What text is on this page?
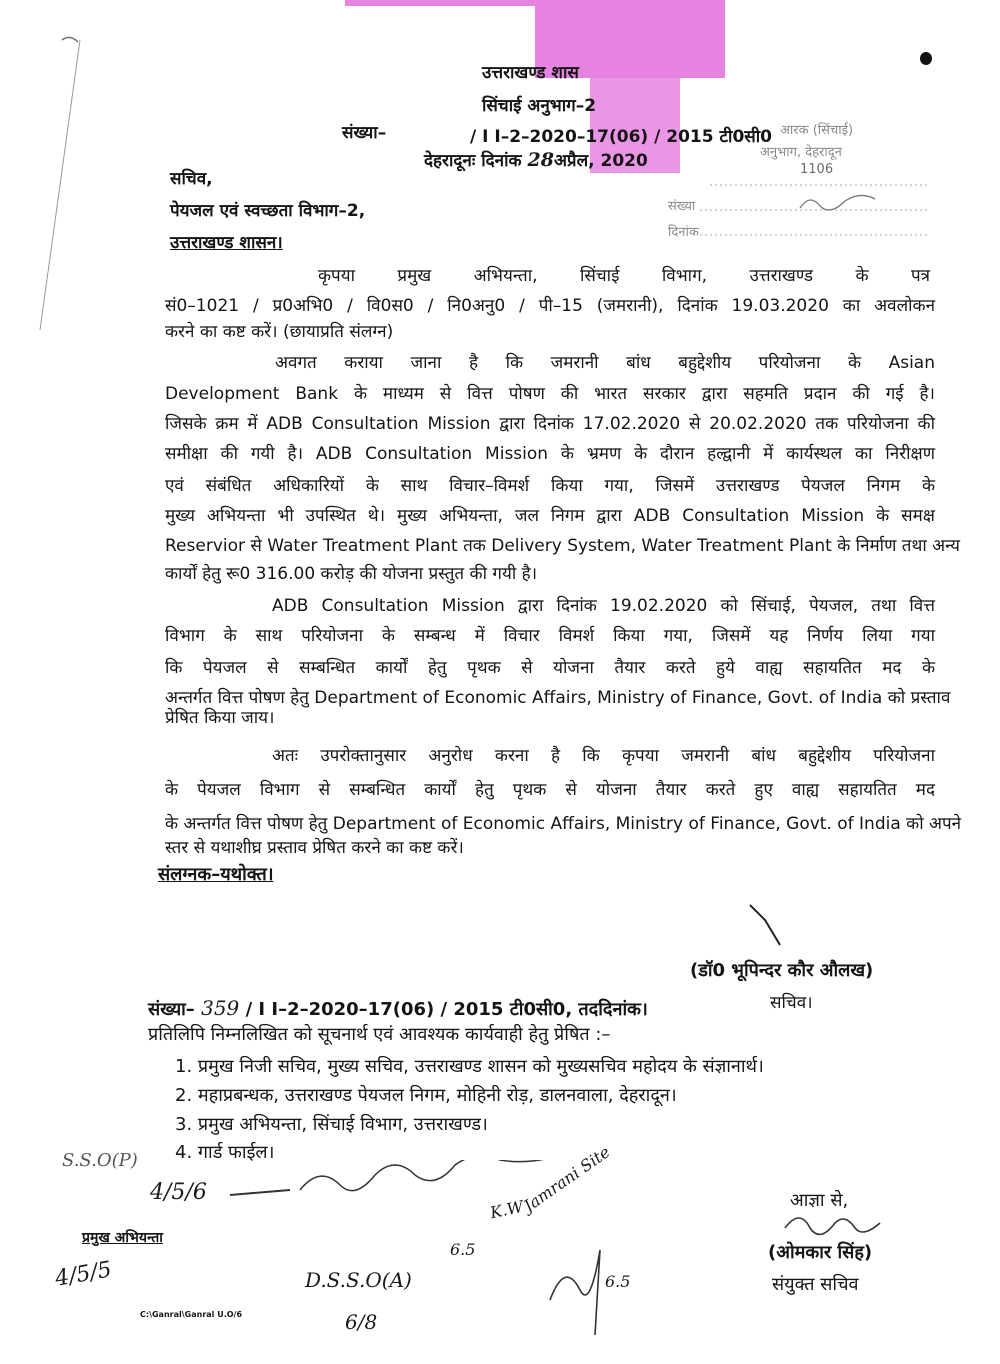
उत्तराखण्ड शास
सिंचाई अनुभाग–2
संख्या–	/ I I–2–2020–17(06) / 2015 टी0सी0
देहरादूनः दिनांक 28अप्रैल, 2020
आरक (सिंचाई)
अनुभाग, देहरादून
1106
संख्या
दिनांक
सचिव,
पेयजल एवं स्वच्छता विभाग–2,
उत्तराखण्ड शासन।
कृपया प्रमुख अभियन्ता, सिंचाई विभाग, उत्तराखण्ड के पत्र
सं0–1021 / प्र0अभि0 / वि0स0 / नि0अनु0 / पी–15 (जमरानी), दिनांक 19.03.2020 का अवलोकन
करने का कष्ट करें। (छायाप्रति संलग्न)
अवगत कराया जाना है कि जमरानी बांध बहुद्देशीय परियोजना के Asian
Development Bank के माध्यम से वित्त पोषण की भारत सरकार द्वारा सहमति प्रदान की गई है।
जिसके क्रम में ADB Consultation Mission द्वारा दिनांक 17.02.2020 से 20.02.2020 तक परियोजना की
समीक्षा की गयी है। ADB Consultation Mission के भ्रमण के दौरान हल्द्वानी में कार्यस्थल का निरीक्षण
एवं संबंधित अधिकारियों के साथ विचार–विमर्श किया गया, जिसमें उत्तराखण्ड पेयजल निगम के
मुख्य अभियन्ता भी उपस्थित थे। मुख्य अभियन्ता, जल निगम द्वारा ADB Consultation Mission के समक्ष
Reservior से Water Treatment Plant तक Delivery System, Water Treatment Plant के निर्माण तथा अन्य
कार्यों हेतु रू0 316.00 करोड़ की योजना प्रस्तुत की गयी है।
ADB Consultation Mission द्वारा दिनांक 19.02.2020 को सिंचाई, पेयजल, तथा वित्त
विभाग के साथ परियोजना के सम्बन्ध में विचार विमर्श किया गया, जिसमें यह निर्णय लिया गया
कि पेयजल से सम्बन्धित कार्यों हेतु पृथक से योजना तैयार करते हुये वाह्य सहायतित मद के
अन्तर्गत वित्त पोषण हेतु Department of Economic Affairs, Ministry of Finance, Govt. of India को प्रस्ताव
प्रेषित किया जाय।
अतः उपरोक्तानुसार अनुरोध करना है कि कृपया जमरानी बांध बहुद्देशीय परियोजना
के पेयजल विभाग से सम्बन्धित कार्यों हेतु पृथक से योजना तैयार करते हुए वाह्य सहायतित मद
के अन्तर्गत वित्त पोषण हेतु Department of Economic Affairs, Ministry of Finance, Govt. of India को अपने
स्तर से यथाशीघ्र प्रस्ताव प्रेषित करने का कष्ट करें।
संलग्नक–यथोक्त।
(डॉ0 भूपिन्दर कौर औलख)
सचिव।
संख्या– 359 / I I–2–2020–17(06) / 2015 टी0सी0, तददिनांक।
प्रतिलिपि निम्नलिखित को सूचनार्थ एवं आवश्यक कार्यवाही हेतु प्रेषित :–
1. प्रमुख निजी सचिव, मुख्य सचिव, उत्तराखण्ड शासन को मुख्यसचिव महोदय के संज्ञानार्थ।
2. महाप्रबन्धक, उत्तराखण्ड पेयजल निगम, मोहिनी रोड़, डालनवाला, देहरादून।
3. प्रमुख अभियन्ता, सिंचाई विभाग, उत्तराखण्ड।
4. गार्ड फाईल।
आज्ञा से,
(ओमकार सिंह)
संयुक्त सचिव
S.S.O(P)
4/5/6
K.W
Jamrani Site
6.5
D.S.S.O(A)
6/8
6.5
प्रमुख अभियन्ता
4/5/5
C:\Ganral\Ganral U.O/6
